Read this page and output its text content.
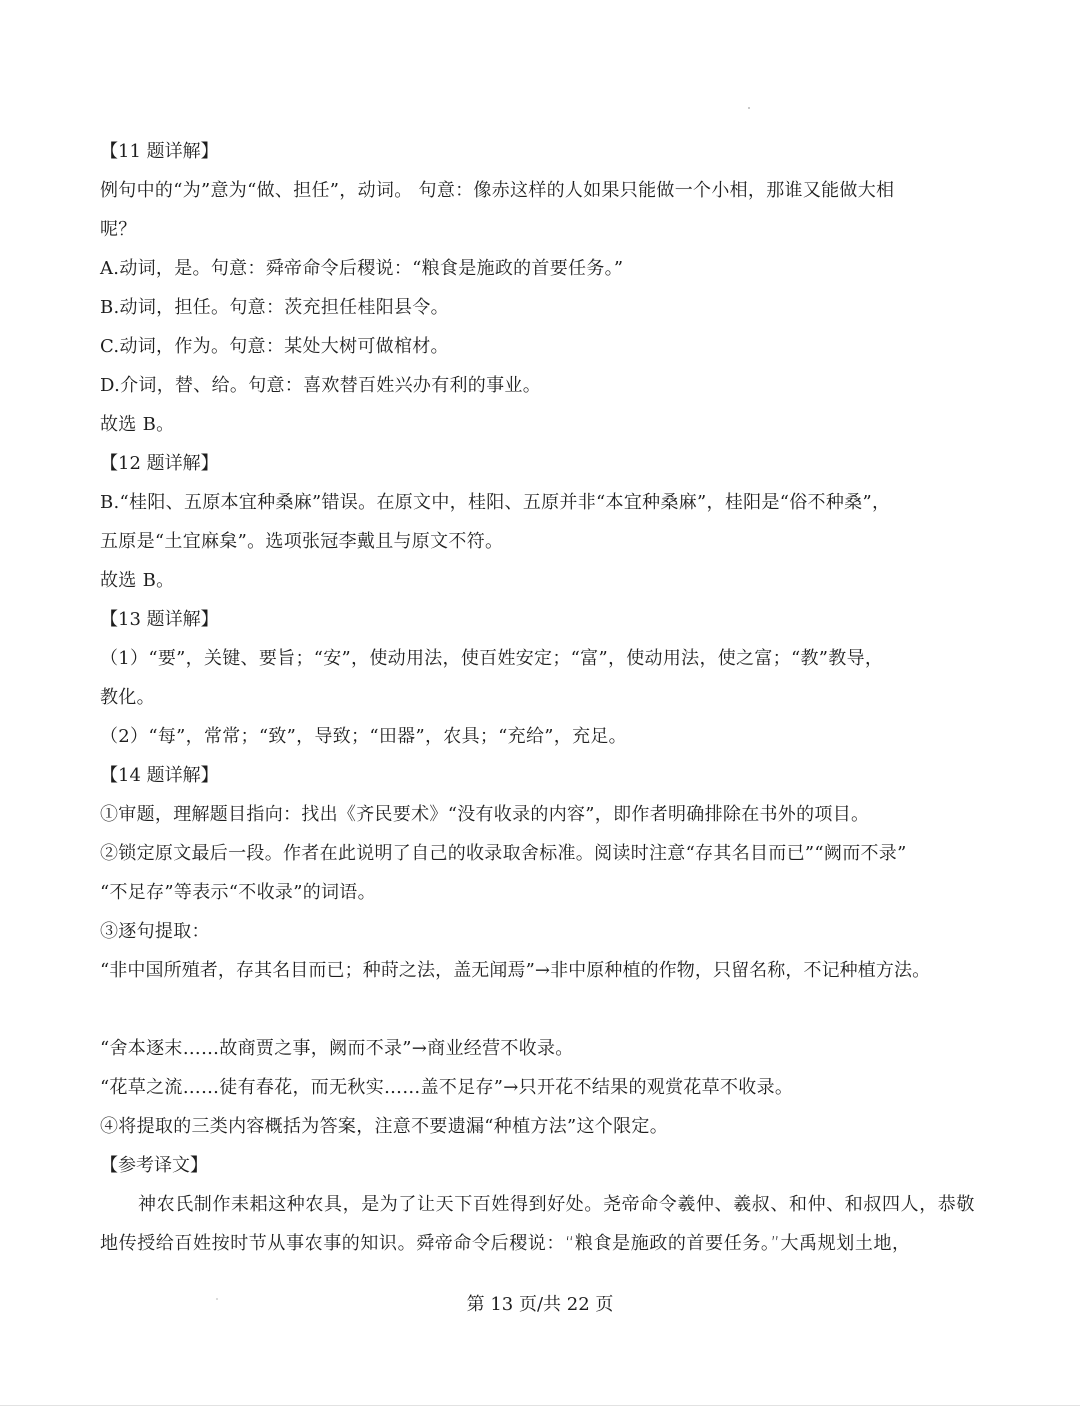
【11 题详解】
例句中的“为”意为“做、担任”，动词。 句意：像赤这样的人如果只能做一个小相，那谁又能做大相
呢？
A.动词，是。句意：舜帝命令后稷说：“粮食是施政的首要任务。”
B.动词，担任。句意：茨充担任桂阳县令。
C.动词，作为。句意：某处大树可做棺材。
D.介词，替、给。句意：喜欢替百姓兴办有利的事业。
故选 B。
【12 题详解】
B.“桂阳、五原本宜种桑麻”错误。在原文中，桂阳、五原并非“本宜种桑麻”，桂阳是“俗不种桑”，
五原是“土宜麻枲”。选项张冠李戴且与原文不符。
故选 B。
【13 题详解】
（1）“要”，关键、要旨；“安”，使动用法，使百姓安定；“富”，使动用法，使之富；“教”教导，
教化。
（2）“每”，常常；“致”，导致；“田器”，农具；“充给”，充足。
【14 题详解】
①审题，理解题目指向：找出《齐民要术》“没有收录的内容”，即作者明确排除在书外的项目。
②锁定原文最后一段。作者在此说明了自己的收录取舍标准。阅读时注意“存其名目而已”“阙而不录”
“不足存”等表示“不收录”的词语。
③逐句提取：
“非中国所殖者，存其名目而已；种莳之法，盖无闻焉”→非中原种植的作物，只留名称，不记种植方法。
“舍本逐末……故商贾之事，阙而不录”→商业经营不收录。
“花草之流……徒有春花，而无秋实……盖不足存”→只开花不结果的观赏花草不收录。
④将提取的三类内容概括为答案，注意不要遗漏“种植方法”这个限定。
【参考译文】
神农氏制作耒耜这种农具，是为了让天下百姓得到好处。尧帝命令羲仲、羲叔、和仲、和叔四人，恭敬地传授给百姓按时节从事农事的知识。舜帝命令后稷说：“粮食是施政的首要任务。”大禹规划土地，
第 13 页/共 22 页
